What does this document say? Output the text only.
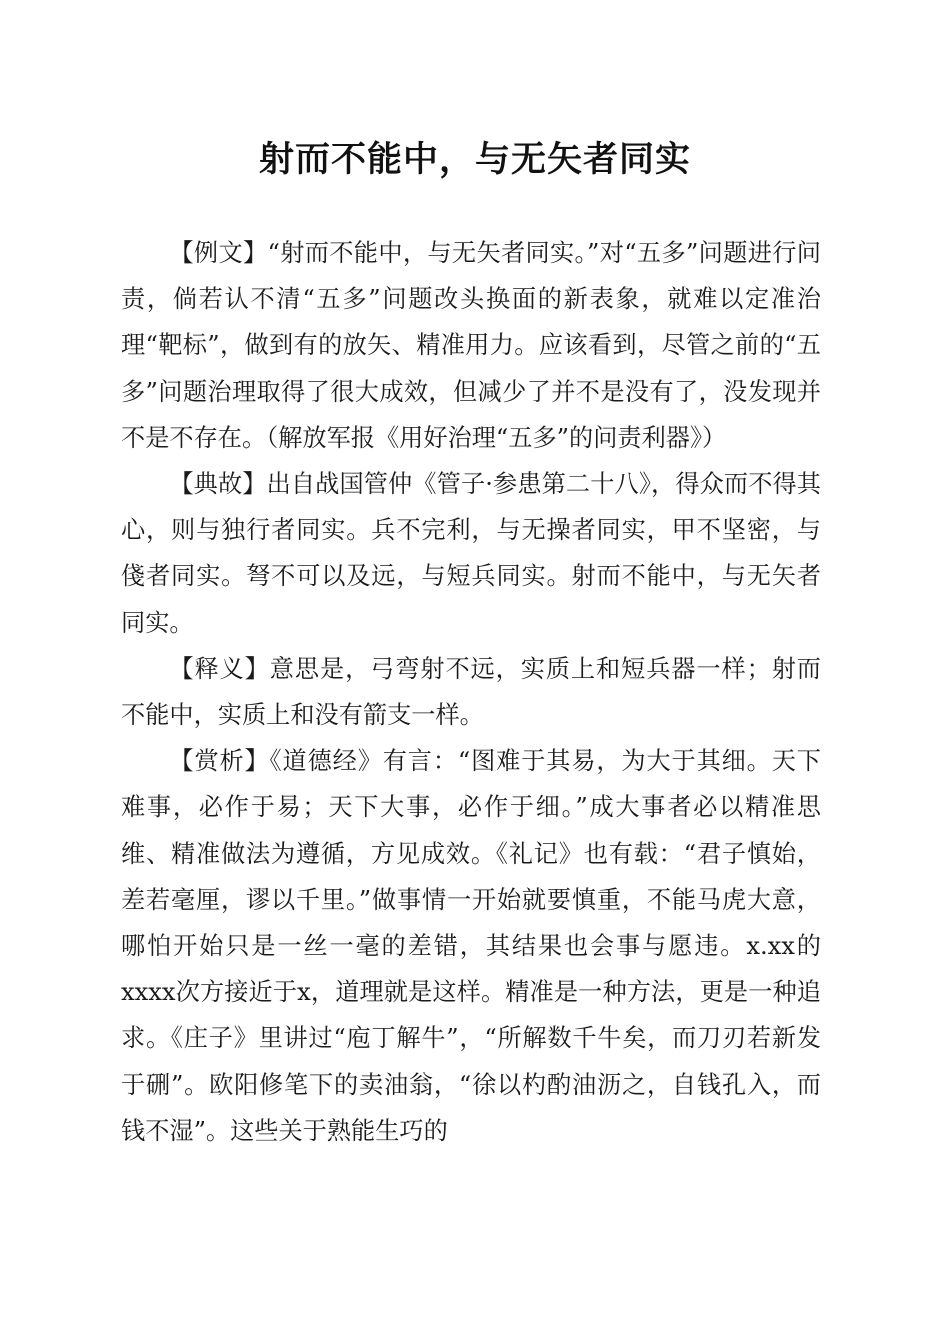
射而不能中，与无矢者同实

【例文】“射而不能中，与无矢者同实。”对“五多”问题进行问责，倘若认不清“五多”问题改头换面的新表象，就难以定准治理“靶标”，做到有的放矢、精准用力。应该看到，尽管之前的“五多”问题治理取得了很大成效，但减少了并不是没有了，没发现并不是不存在。（解放军报《用好治理“五多”的问责利器》）

【典故】出自战国管仲《管子·参患第二十八》，得众而不得其心，则与独行者同实。兵不完利，与无操者同实，甲不坚密，与俴者同实。弩不可以及远，与短兵同实。射而不能中，与无矢者同实。

【释义】意思是，弓弯射不远，实质上和短兵器一样；射而不能中，实质上和没有箭支一样。

【赏析】《道德经》有言：“图难于其易，为大于其细。天下难事，必作于易；天下大事，必作于细。”成大事者必以精准思维、精准做法为遵循，方见成效。《礼记》也有载：“君子慎始，差若毫厘，谬以千里。”做事情一开始就要慎重，不能马虎大意，哪怕开始只是一丝一毫的差错，其结果也会事与愿违。x.xx的xxxx次方接近于x，道理就是这样。精准是一种方法，更是一种追求。《庄子》里讲过“庖丁解牛”，“所解数千牛矣，而刀刃若新发于硎”。欧阳修笔下的卖油翁，“徐以杓酌油沥之，自钱孔入，而钱不湿”。这些关于熟能生巧的
